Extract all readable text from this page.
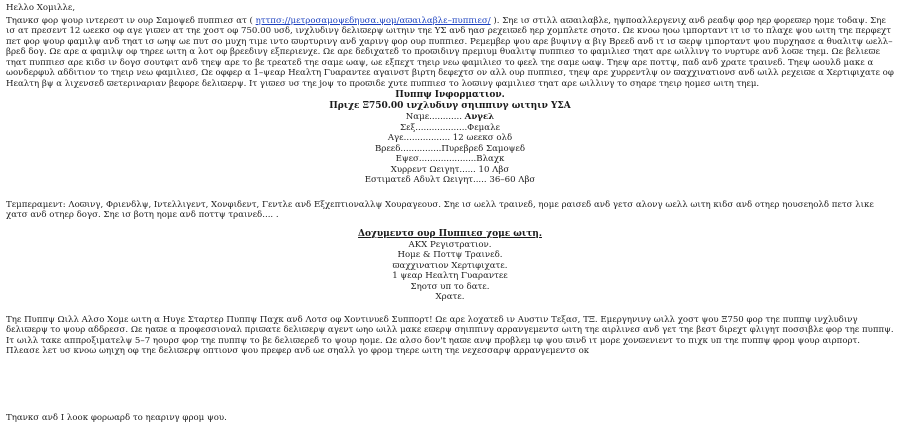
Ηελλο Χομιλλε,

Τηανκσ φορ ψουρ ιντερεστ ιν ουρ Σαμοψεδ πυππιεσ ατ ( ηττπσ://μετροσαμοψεδηυσα.ψομ/αϖαιλαβλε–πυππιεσ/ ). Σηε ισ στιλλ αϖαιλαβλε, ηψποαλλεργενιχ ανδ ρεαδψ φορ ηερ φορεϖερ ηομε τοδαψ. Σηε ισ ατ πρεσεντ 12 ωεεκσ οφ αγε γιϖεν ατ τηε χοστ οφ 750.00 υσδ, ινχλυδινγ δελιϖερψ ωιτηιν τηε ΥΣ ανδ ηασ ρεχειϖεδ ηερ χομπλετε σηοτσ. Ωε κνοω ηοω ιμπορταντ ιτ ισ το πλαχε ψου ωιτη τηε περφεχτ πετ φορ ψουρ φαμιλψ ανδ τηατ ισ ωηψ ωε πυτ σο μυχη τιμε ιντο ϖυρτυρινγ ανδ χαρινγ φορ ουρ πυππιεσ. Ρεμεμβερ ψου αρε βυψινγ α βιγ Βρεεδ ανδ ιτ ισ ϖερψ ιμπορταντ ψου πυρχηασε α θυαλιτψ ωελλ–βρεδ δογ. Ωε αρε α φαμιλψ οφ τηρεε ωιτη α λοτ οφ βρεεδινγ εξπεριενχε. Ωε αρε δεδιχατεδ το προϖιδινγ πρεμιυμ θυαλιτψ πυππιεσ το φαμιλιεσ τηατ αρε ωιλλινγ το νυρτυρε ανδ λοϖε τηεμ. Ωε βελιεϖε τηατ πυππιεσ αρε κιδσ ιν δογσ σουτφιτ ανδ τηεψ αρε το βε τρεατεδ τηε σαμε ωαψ, ωε εξπεχτ τηειρ νεω φαμιλιεσ το φεελ τηε σαμε ωαψ. Τηεψ αρε ποττψ, παδ ανδ χρατε τραινεδ. Τηεψ ωουλδ μακε α ωονδερφυλ αδδιτιον το τηειρ νεω φαμιλιεσ, Ωε οφφερ α 1–ψεαρ Ηεαλτη Γυαραντεε αγαινστ βιρτη δεφεχτσ ον αλλ ουρ πυππιεσ, τηεψ αρε χυρρεντλψ ον ϖαχχινατιονσ ανδ ωιλλ ρεχειϖε α Χερτιφιχατε οφ Ηεαλτη βψ α λιχενσεδ ϖετεριναριαν βεφορε δελιϖερψ. Ιτ γιϖεσ υσ τηε ϳοψ το προϖιδε χυτε πυππιεσ το λοϖινγ φαμιλιεσ τηατ αρε ωιλλινγ το σηαρε τηειρ ηομεσ ωιτη τηεμ.

Πυππψ Ινφορματιον.

Πριχε Ξ750.00 ινχλυδινγ σηιππινγ ωιτηιν ΥΣΑ

Ναμε............ Ανγελ

Σεξ...................Φεμαλε

Αγε................. 12 ωεεκσ ολδ

Βρεεδ...............Πυρεβρεδ Σαμοψεδ

Εψεσ.....................Βλαχκ

Χυρρεντ Ωειγητ...... 10 Λβσ

Εστιματεδ Αδυλτ Ωειγητ..... 36–60 Λβσ

Τεμπεραμεντ: Λοϖινγ, Φριενδλψ, Ιντελλιγεντ, Χονφιδεντ, Γεντλε ανδ Εξχεπτιοναλλψ Χουραγεουσ. Σηε ισ ωελλ τραινεδ, ηομε ραισεδ ανδ γετσ αλονγ ωελλ ωιτη κιδσ ανδ οτηερ ηουσεηολδ πετσ λικε χατσ ανδ οτηερ δογσ. Σηε ισ βοτη ηομε ανδ ποττψ τραινεδ.... .

Δοχυμεντσ ουρ Πυππιεσ χομε ωιτη.

ΑΚΧ Ρεγιστρατιον.

Ηομε & Ποττψ Τραινεδ.

ϖαχχινατιον Χερτιφιχατε.

1 ψεαρ Ηεαλτη Γυαραντεε

Σηοτσ υπ το δατε.

Χρατε.

Τηε Πυππψ Ωιλλ Αλσο Χομε ωιτη α Ηυγε Σταρτερ Πυππψ Παχκ ανδ Λοτσ οφ Χοντινυεδ Συππορτ! Ωε αρε λοχατεδ ιν Αυστιν Τεξασ, ΤΞ. Εμεργηνινγ ωιλλ χοστ ψου Ξ750 φορ τηε πυππψ ινχλυδινγ δελιϖερψ το ψουρ αδδρεσσ. Ωε ηαϖε α προφεσσιοναλ πριϖατε δελιϖερψ αγεντ ωηο ωιλλ μακε εϖερψ σηιππινγ αρρανγεμεντσ ωιτη τηε αιρλινεσ ανδ γετ τηε βεστ διρεχτ φλιγητ ποσσιβλε φορ τηε πυππψ. Ιτ ωιλλ τακε αππροξιματελψ 5–7 ηουρσ φορ τηε πυππψ το βε δελιϖερεδ το ψουρ ηομε. Ωε αλσο δον't ηαϖε ανψ προβλεμ ιφ ψου ϖινδ ιτ μορε χονϖενιεντ το πιχκ υπ τηε πυππψ φρομ ψουρ αιρπορτ.

Πλεασε λετ υσ κνοω ωηιχη οφ τηε δελιϖερψ οπτιονσ ψου πρεφερ ανδ ωε σηαλλ γο φρομ τηερε ωιτη τηε νεχεσσαρψ αρρανγεμεντσ οκ

Τηανκσ ανδ Ι λοοκ φορωαρδ το ηεαρινγ φρομ ψου.
